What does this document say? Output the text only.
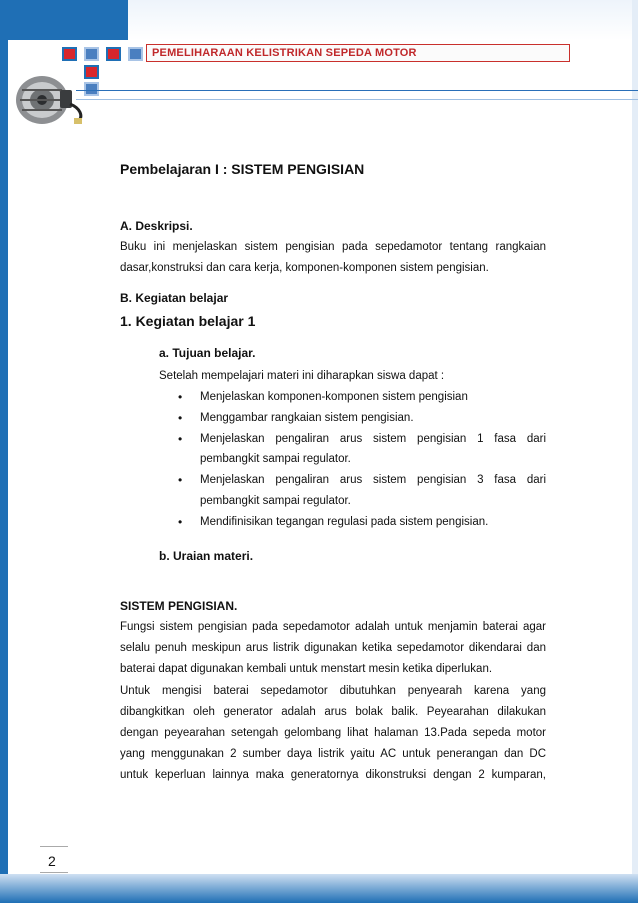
PEMELIHARAAN KELISTRIKAN SEPEDA MOTOR
Pembelajaran I : SISTEM PENGISIAN
A. Deskripsi.
Buku ini menjelaskan sistem pengisian pada sepedamotor tentang rangkaian
dasar,konstruksi dan cara kerja, komponen-komponen sistem pengisian.
B. Kegiatan belajar
1. Kegiatan belajar 1
a. Tujuan belajar.
Setelah mempelajari materi ini diharapkan siswa dapat :
• Menjelaskan komponen-komponen sistem pengisian
• Menggambar rangkaian sistem pengisian.
• Menjelaskan pengaliran arus sistem pengisian 1 fasa dari
pembangkit sampai regulator.
• Menjelaskan pengaliran arus sistem pengisian 3 fasa dari
pembangkit sampai regulator.
• Mendifinisikan tegangan regulasi pada sistem pengisian.
b. Uraian materi.
SISTEM PENGISIAN.
Fungsi sistem pengisian pada sepedamotor adalah untuk menjamin baterai agar
selalu penuh meskipun arus listrik digunakan ketika sepedamotor dikendarai dan
baterai dapat digunakan kembali untuk menstart mesin ketika diperlukan.
Untuk mengisi baterai sepedamotor dibutuhkan penyearah karena yang
dibangkitkan oleh generator adalah arus bolak balik. Peyearahan dilakukan
dengan peyearahan setengah gelombang lihat halaman 13.Pada sepeda motor
yang menggunakan 2 sumber daya listrik yaitu AC untuk penerangan dan DC
untuk keperluan lainnya maka generatornya dikonstruksi dengan 2 kumparan,
2
